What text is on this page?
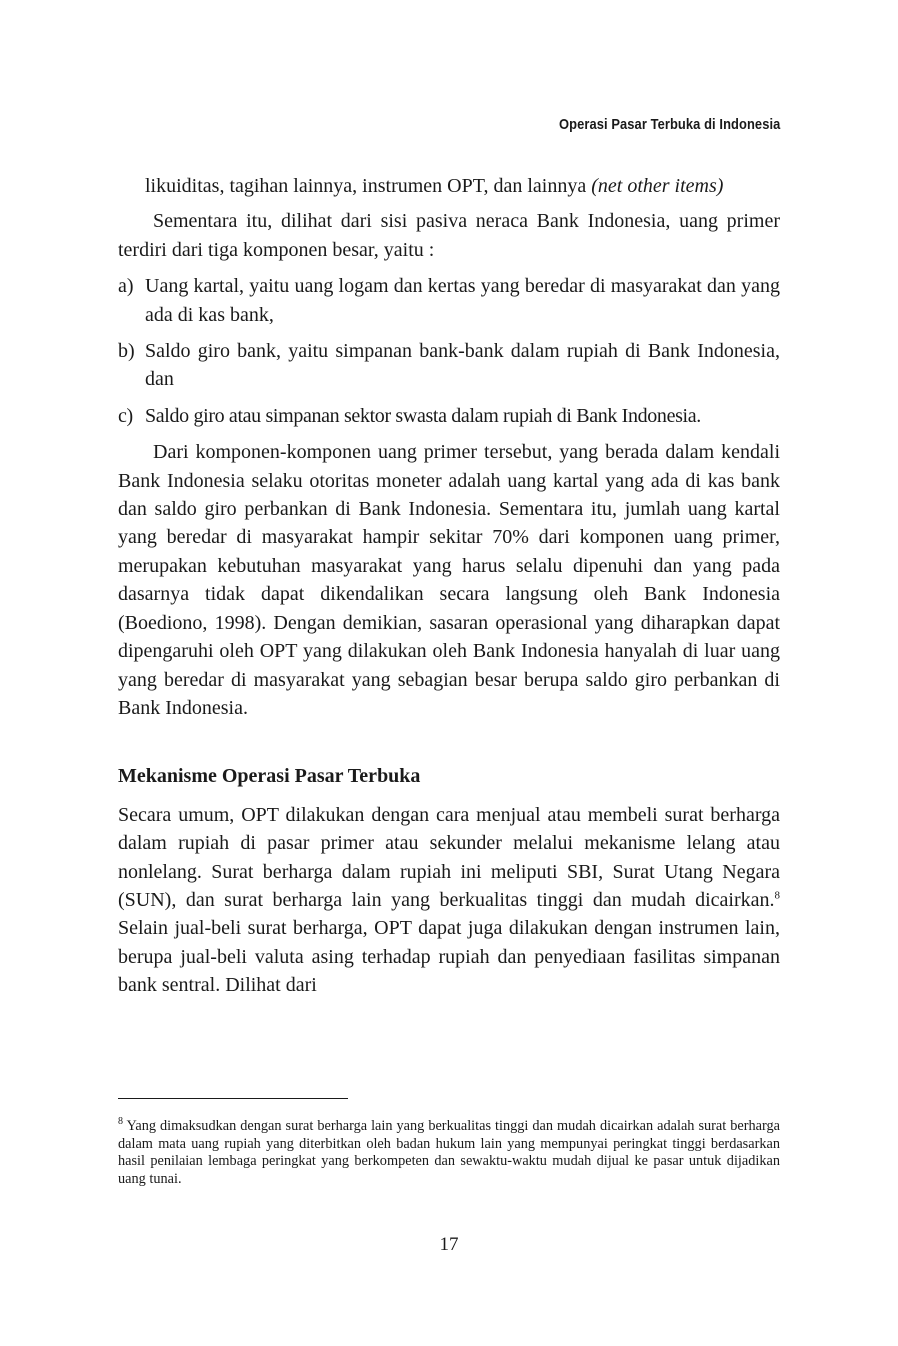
Operasi Pasar Terbuka di Indonesia

likuiditas, tagihan lainnya, instrumen OPT, dan lainnya (net other items)

Sementara itu, dilihat dari sisi pasiva neraca Bank Indonesia, uang primer terdiri dari tiga komponen besar, yaitu :

a) Uang kartal, yaitu uang logam dan kertas yang beredar di masyarakat dan yang ada di kas bank,
b) Saldo giro bank, yaitu simpanan bank-bank dalam rupiah di Bank Indonesia, dan
c) Saldo giro atau simpanan sektor swasta dalam rupiah di Bank Indonesia.

Dari komponen-komponen uang primer tersebut, yang berada dalam kendali Bank Indonesia selaku otoritas moneter adalah uang kartal yang ada di kas bank dan saldo giro perbankan di Bank Indonesia. Sementara itu, jumlah uang kartal yang beredar di masyarakat hampir sekitar 70% dari komponen uang primer, merupakan kebutuhan masyarakat yang harus selalu dipenuhi dan yang pada dasarnya tidak dapat dikendalikan secara langsung oleh Bank Indonesia (Boediono, 1998). Dengan demikian, sasaran operasional yang diharapkan dapat dipengaruhi oleh OPT yang dilakukan oleh Bank Indonesia hanyalah di luar uang yang beredar di masyarakat yang sebagian besar berupa saldo giro perbankan di Bank Indonesia.

Mekanisme Operasi Pasar Terbuka

Secara umum, OPT dilakukan dengan cara menjual atau membeli surat berharga dalam rupiah di pasar primer atau sekunder melalui mekanisme lelang atau nonlelang. Surat berharga dalam rupiah ini meliputi SBI, Surat Utang Negara (SUN), dan surat berharga lain yang berkualitas tinggi dan mudah dicairkan.$^8$ Selain jual-beli surat berharga, OPT dapat juga dilakukan dengan instrumen lain, berupa jual-beli valuta asing terhadap rupiah dan penyediaan fasilitas simpanan bank sentral. Dilihat dari

$^8$ Yang dimaksudkan dengan surat berharga lain yang berkualitas tinggi dan mudah dicairkan adalah surat berharga dalam mata uang rupiah yang diterbitkan oleh badan hukum lain yang mempunyai peringkat tinggi berdasarkan hasil penilaian lembaga peringkat yang berkompeten dan sewaktu-waktu mudah dijual ke pasar untuk dijadikan uang tunai.
17
